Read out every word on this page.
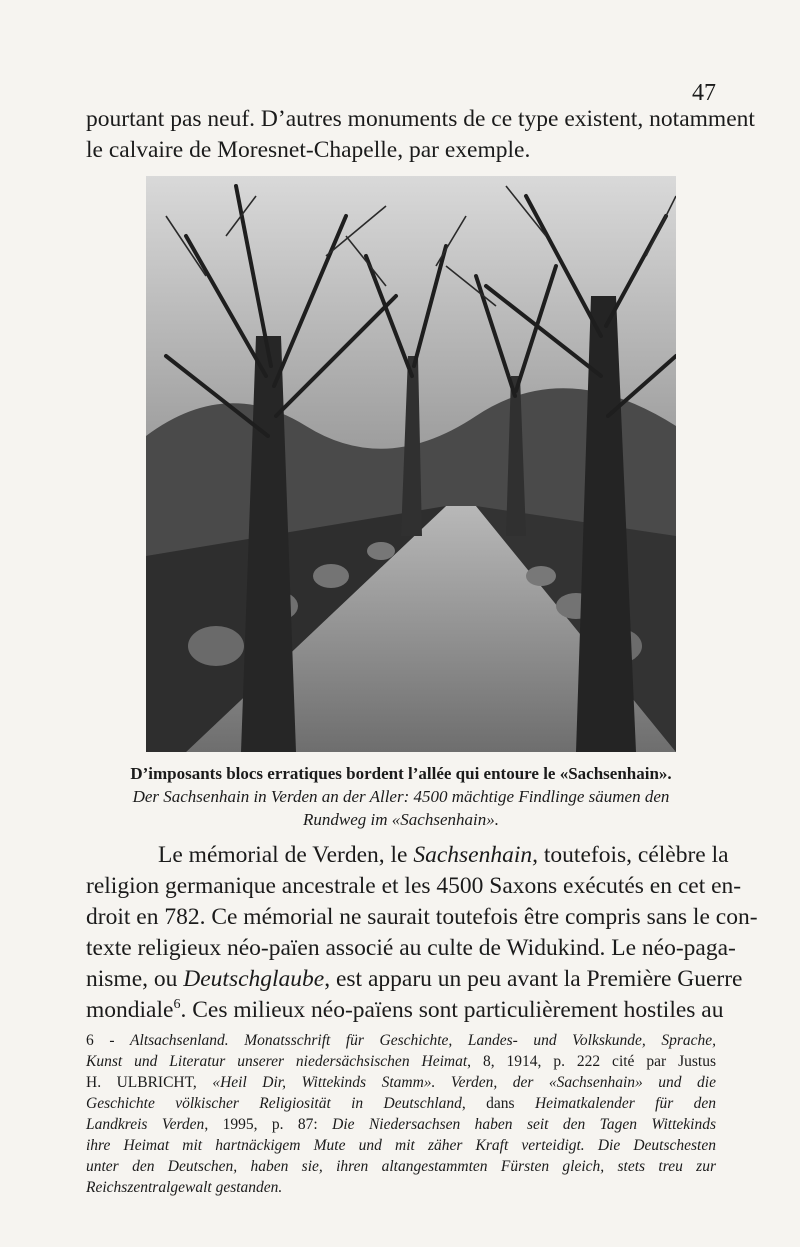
47

pourtant pas neuf. D’autres monuments de ce type existent, notamment
le calvaire de Moresnet-Chapelle, par exemple.

D’imposants blocs erratiques bordent l’allée qui entoure le «Sachsenhain».
Der Sachsenhain in Verden an der Aller: 4500 mächtige Findlinge säumen den
Rundweg im «Sachsenhain».

Le mémorial de Verden, le Sachsenhain, toutefois, célèbre la
religion germanique ancestrale et les 4500 Saxons exécutés en cet en-
droit en 782. Ce mémorial ne saurait toutefois être compris sans le con-
texte religieux néo-païen associé au culte de Widukind. Le néo-paga-
nisme, ou Deutschglaube, est apparu un peu avant la Première Guerre
mondiale$^6$. Ces milieux néo-païens sont particulièrement hostiles au

6 - Altsachsenland. Monatsschrift für Geschichte, Landes- und Volkskunde, Sprache,
Kunst und Literatur unserer niedersächsischen Heimat, 8, 1914, p. 222 cité par Justus
H. ULBRICHT, «Heil Dir, Wittekinds Stamm». Verden, der «Sachsenhain» und die
Geschichte völkischer Religiosität in Deutschland, dans Heimatkalender für den
Landkreis Verden, 1995, p. 87: Die Niedersachsen haben seit den Tagen Wittekinds
ihre Heimat mit hartnäckigem Mute und mit zäher Kraft verteidigt. Die Deutschesten
unter den Deutschen, haben sie, ihren altangestammten Fürsten gleich, stets treu zur
Reichszentralgewalt gestanden.
